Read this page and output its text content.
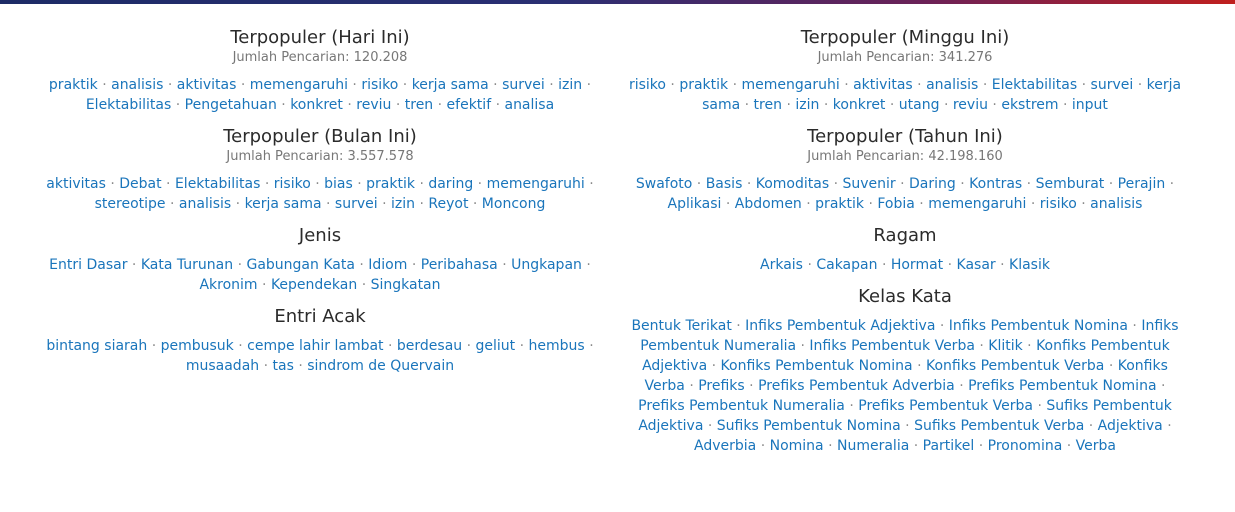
Terpopuler (Hari Ini)
Jumlah Pencarian: 120.208
praktik · analisis · aktivitas · memengaruhi · risiko · kerja sama · survei · izin · Elektabilitas · Pengetahuan · konkret · reviu · tren · efektif · analisa
Terpopuler (Bulan Ini)
Jumlah Pencarian: 3.557.578
aktivitas · Debat · Elektabilitas · risiko · bias · praktik · daring · memengaruhi · stereotipe · analisis · kerja sama · survei · izin · Reyot · Moncong
Jenis
Entri Dasar · Kata Turunan · Gabungan Kata · Idiom · Peribahasa · Ungkapan · Akronim · Kependekan · Singkatan
Entri Acak
bintang siarah · pembusuk · cempe lahir lambat · berdesau · geliut · hembus · musaadah · tas · sindrom de Quervain
Terpopuler (Minggu Ini)
Jumlah Pencarian: 341.276
risiko · praktik · memengaruhi · aktivitas · analisis · Elektabilitas · survei · kerja sama · tren · izin · konkret · utang · reviu · ekstrem · input
Terpopuler (Tahun Ini)
Jumlah Pencarian: 42.198.160
Swafoto · Basis · Komoditas · Suvenir · Daring · Kontras · Semburat · Perajin · Aplikasi · Abdomen · praktik · Fobia · memengaruhi · risiko · analisis
Ragam
Arkais · Cakapan · Hormat · Kasar · Klasik
Kelas Kata
Bentuk Terikat · Infiks Pembentuk Adjektiva · Infiks Pembentuk Nomina · Infiks Pembentuk Numeralia · Infiks Pembentuk Verba · Klitik · Konfiks Pembentuk Adjektiva · Konfiks Pembentuk Nomina · Konfiks Pembentuk Verba · Konfiks Verba · Prefiks · Prefiks Pembentuk Adverbia · Prefiks Pembentuk Nomina · Prefiks Pembentuk Numeralia · Prefiks Pembentuk Verba · Sufiks Pembentuk Adjektiva · Sufiks Pembentuk Nomina · Sufiks Pembentuk Verba · Adjektiva · Adverbia · Nomina · Numeralia · Partikel · Pronomina · Verba
